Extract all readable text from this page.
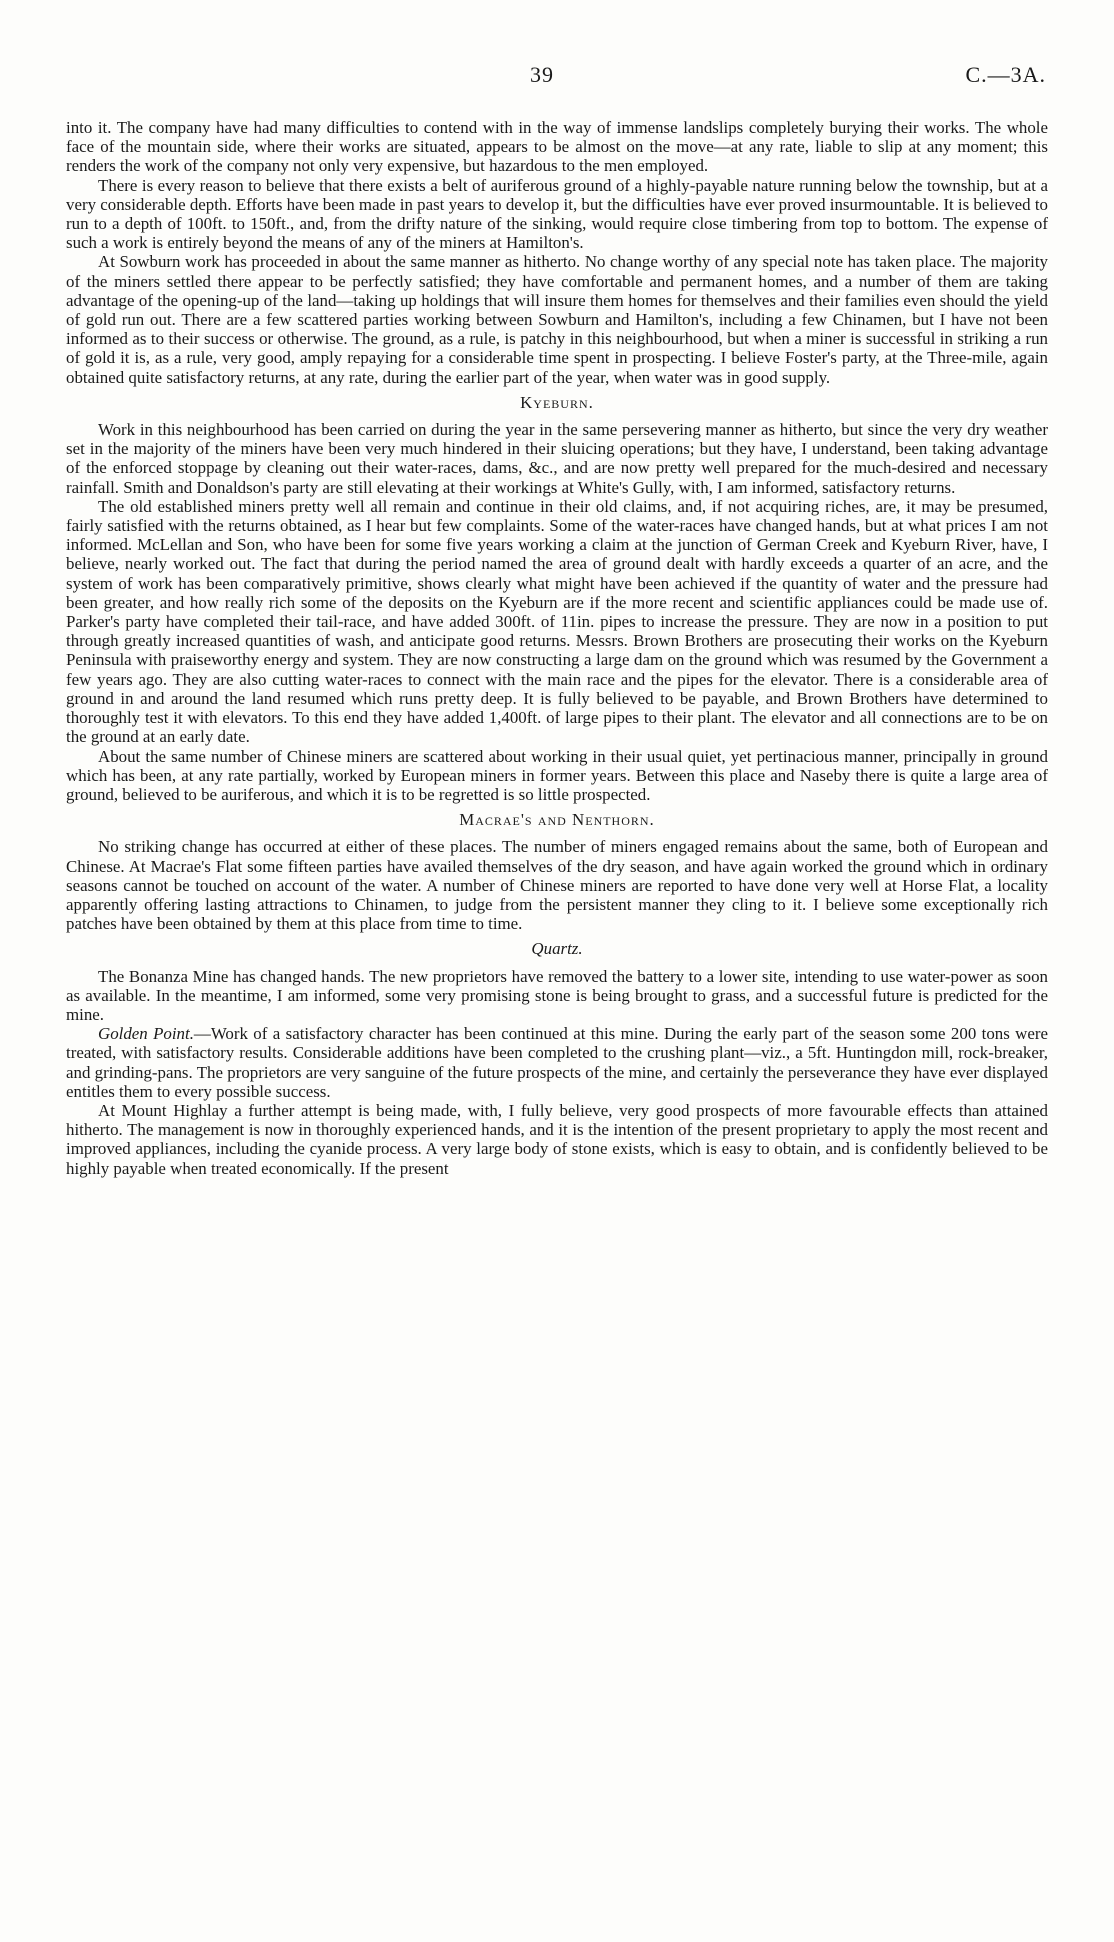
39	C.—3A.

into it. The company have had many difficulties to contend with in the way of immense landslips completely burying their works. The whole face of the mountain side, where their works are situated, appears to be almost on the move—at any rate, liable to slip at any moment; this renders the work of the company not only very expensive, but hazardous to the men employed.

There is every reason to believe that there exists a belt of auriferous ground of a highly-payable nature running below the township, but at a very considerable depth. Efforts have been made in past years to develop it, but the difficulties have ever proved insurmountable. It is believed to run to a depth of 100ft. to 150ft., and, from the drifty nature of the sinking, would require close timbering from top to bottom. The expense of such a work is entirely beyond the means of any of the miners at Hamilton's.

At Sowburn work has proceeded in about the same manner as hitherto. No change worthy of any special note has taken place. The majority of the miners settled there appear to be perfectly satisfied; they have comfortable and permanent homes, and a number of them are taking advantage of the opening-up of the land—taking up holdings that will insure them homes for themselves and their families even should the yield of gold run out. There are a few scattered parties working between Sowburn and Hamilton's, including a few Chinamen, but I have not been informed as to their success or otherwise. The ground, as a rule, is patchy in this neighbourhood, but when a miner is successful in striking a run of gold it is, as a rule, very good, amply repaying for a considerable time spent in prospecting. I believe Foster's party, at the Three-mile, again obtained quite satisfactory returns, at any rate, during the earlier part of the year, when water was in good supply.

Kyeburn.

Work in this neighbourhood has been carried on during the year in the same persevering manner as hitherto, but since the very dry weather set in the majority of the miners have been very much hindered in their sluicing operations; but they have, I understand, been taking advantage of the enforced stoppage by cleaning out their water-races, dams, &c., and are now pretty well prepared for the much-desired and necessary rainfall. Smith and Donaldson's party are still elevating at their workings at White's Gully, with, I am informed, satisfactory returns.

The old established miners pretty well all remain and continue in their old claims, and, if not acquiring riches, are, it may be presumed, fairly satisfied with the returns obtained, as I hear but few complaints. Some of the water-races have changed hands, but at what prices I am not informed. McLellan and Son, who have been for some five years working a claim at the junction of German Creek and Kyeburn River, have, I believe, nearly worked out. The fact that during the period named the area of ground dealt with hardly exceeds a quarter of an acre, and the system of work has been comparatively primitive, shows clearly what might have been achieved if the quantity of water and the pressure had been greater, and how really rich some of the deposits on the Kyeburn are if the more recent and scientific appliances could be made use of. Parker's party have completed their tail-race, and have added 300ft. of 11in. pipes to increase the pressure. They are now in a position to put through greatly increased quantities of wash, and anticipate good returns. Messrs. Brown Brothers are prosecuting their works on the Kyeburn Peninsula with praiseworthy energy and system. They are now constructing a large dam on the ground which was resumed by the Government a few years ago. They are also cutting water-races to connect with the main race and the pipes for the elevator. There is a considerable area of ground in and around the land resumed which runs pretty deep. It is fully believed to be payable, and Brown Brothers have determined to thoroughly test it with elevators. To this end they have added 1,400ft. of large pipes to their plant. The elevator and all connections are to be on the ground at an early date.

About the same number of Chinese miners are scattered about working in their usual quiet, yet pertinacious manner, principally in ground which has been, at any rate partially, worked by European miners in former years. Between this place and Naseby there is quite a large area of ground, believed to be auriferous, and which it is to be regretted is so little prospected.

Macrae's and Nenthorn.

No striking change has occurred at either of these places. The number of miners engaged remains about the same, both of European and Chinese. At Macrae's Flat some fifteen parties have availed themselves of the dry season, and have again worked the ground which in ordinary seasons cannot be touched on account of the water. A number of Chinese miners are reported to have done very well at Horse Flat, a locality apparently offering lasting attractions to Chinamen, to judge from the persistent manner they cling to it. I believe some exceptionally rich patches have been obtained by them at this place from time to time.

Quartz.

The Bonanza Mine has changed hands. The new proprietors have removed the battery to a lower site, intending to use water-power as soon as available. In the meantime, I am informed, some very promising stone is being brought to grass, and a successful future is predicted for the mine.

Golden Point.—Work of a satisfactory character has been continued at this mine. During the early part of the season some 200 tons were treated, with satisfactory results. Considerable additions have been completed to the crushing plant—viz., a 5ft. Huntingdon mill, rock-breaker, and grinding-pans. The proprietors are very sanguine of the future prospects of the mine, and certainly the perseverance they have ever displayed entitles them to every possible success.

At Mount Highlay a further attempt is being made, with, I fully believe, very good prospects of more favourable effects than attained hitherto. The management is now in thoroughly experienced hands, and it is the intention of the present proprietary to apply the most recent and improved appliances, including the cyanide process. A very large body of stone exists, which is easy to obtain, and is confidently believed to be highly payable when treated economically. If the present
